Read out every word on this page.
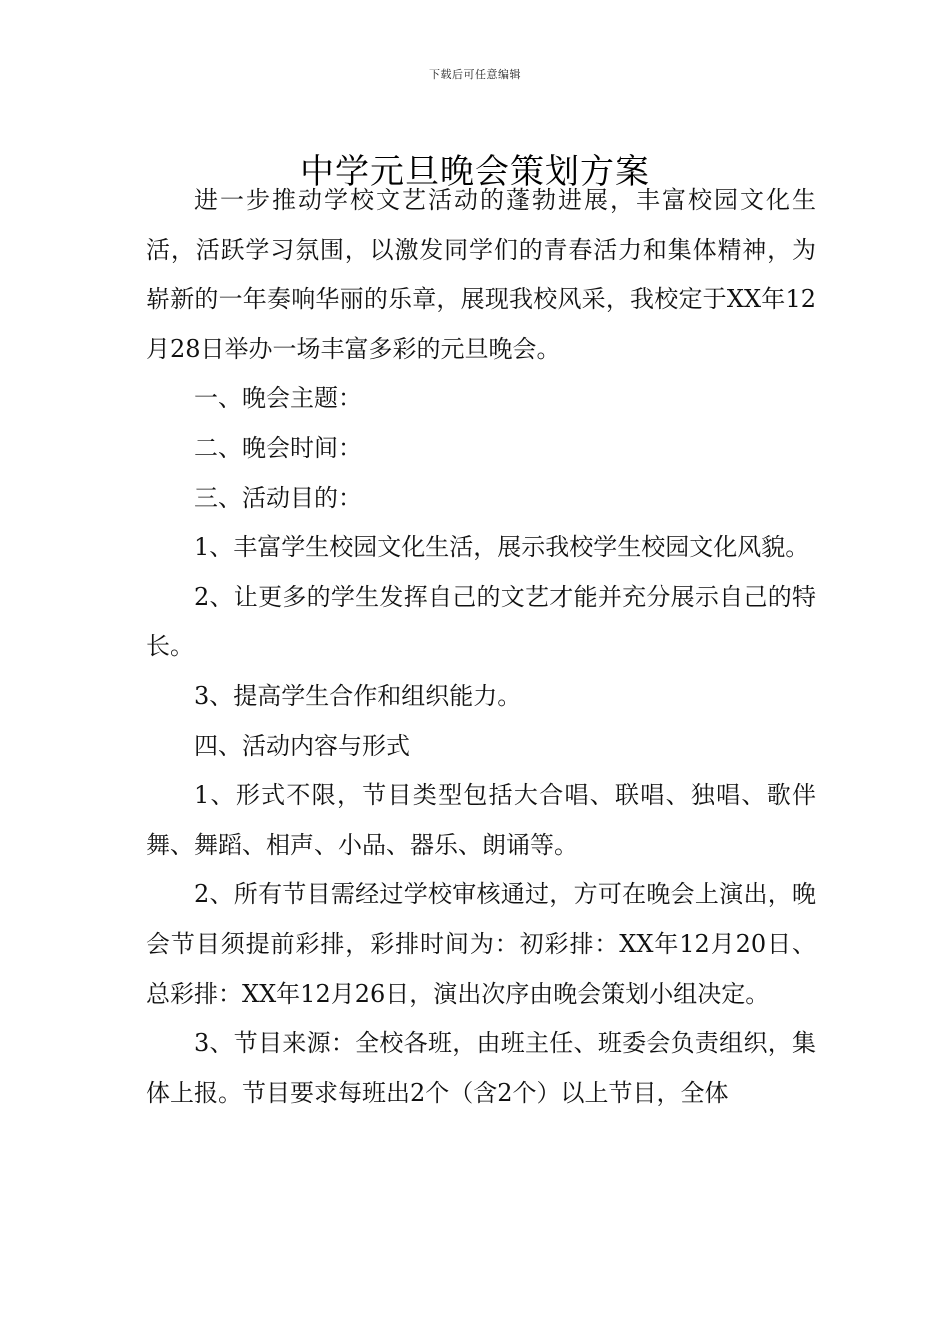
下载后可任意编辑
中学元旦晚会策划方案

进一步推动学校文艺活动的蓬勃进展，丰富校园文化生活，活跃学习氛围，以激发同学们的青春活力和集体精神，为崭新的一年奏响华丽的乐章，展现我校风采，我校定于XX年12月28日举办一场丰富多彩的元旦晚会。

一、晚会主题：

二、晚会时间：

三、活动目的：

1、丰富学生校园文化生活，展示我校学生校园文化风貌。

2、让更多的学生发挥自己的文艺才能并充分展示自己的特长。

3、提高学生合作和组织能力。

四、活动内容与形式

1、形式不限，节目类型包括大合唱、联唱、独唱、歌伴舞、舞蹈、相声、小品、器乐、朗诵等。

2、所有节目需经过学校审核通过，方可在晚会上演出，晚会节目须提前彩排，彩排时间为：初彩排：XX年12月20日、总彩排：XX年12月26日，演出次序由晚会策划小组决定。

3、节目来源：全校各班，由班主任、班委会负责组织，集体上报。节目要求每班出2个（含2个）以上节目，全体
